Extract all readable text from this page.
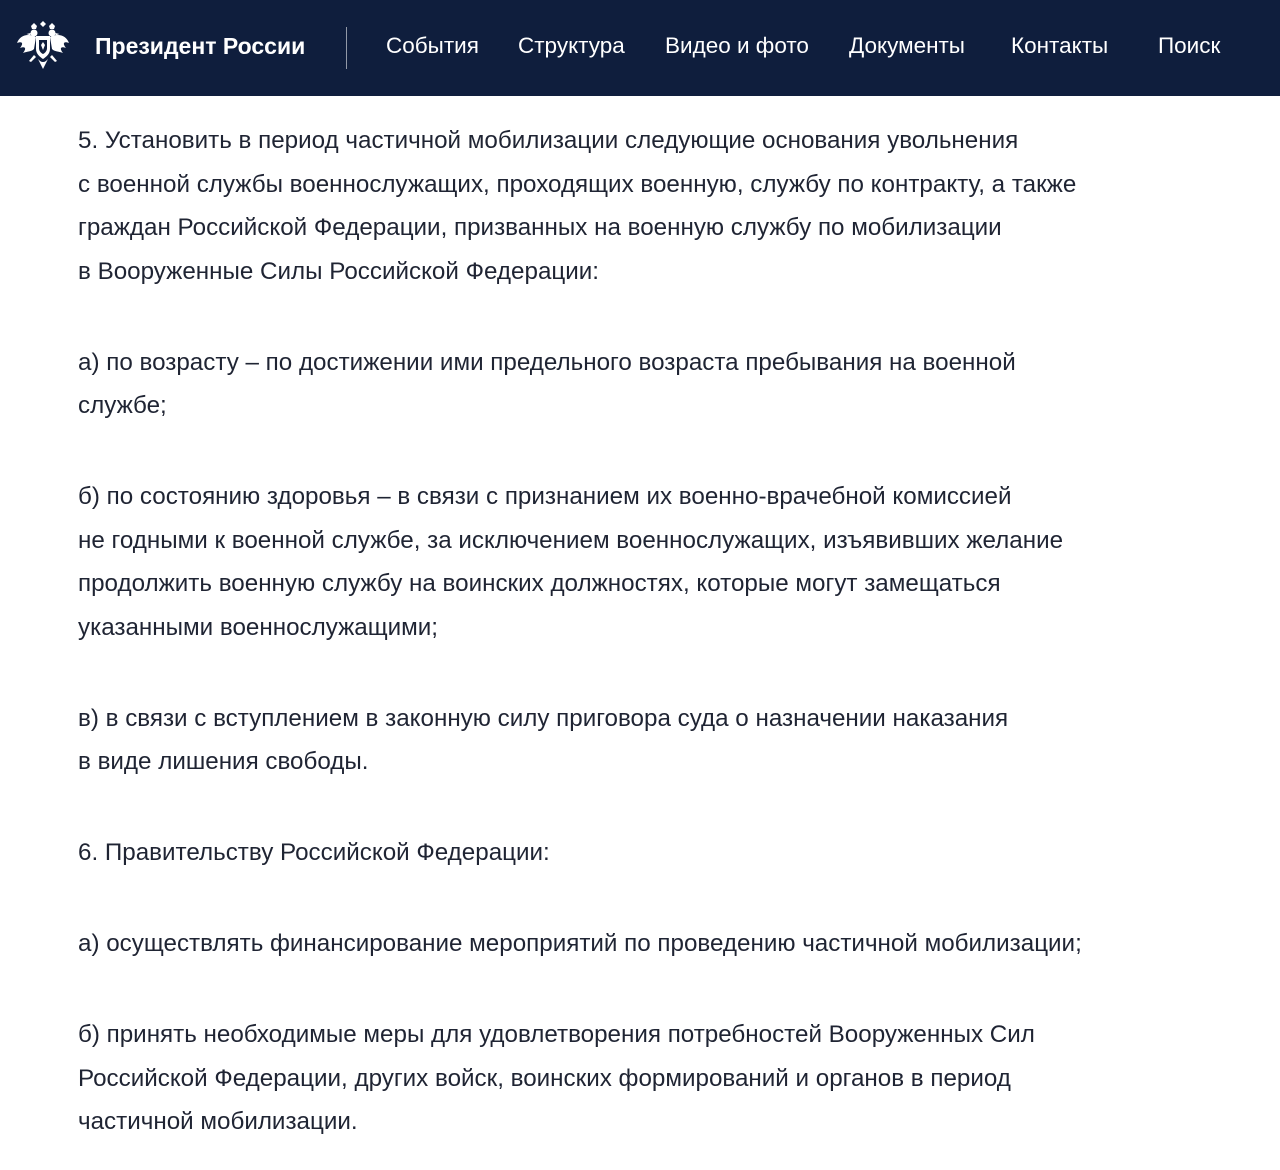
Президент России	События Структура Видео и фото Документы Контакты Поиск

5. Установить в период частичной мобилизации следующие основания увольнения
с военной службы военнослужащих, проходящих военную, службу по контракту, а также
граждан Российской Федерации, призванных на военную службу по мобилизации
в Вооруженные Силы Российской Федерации:

а) по возрасту – по достижении ими предельного возраста пребывания на военной
службе;

б) по состоянию здоровья – в связи с признанием их военно-врачебной комиссией
не годными к военной службе, за исключением военнослужащих, изъявивших желание
продолжить военную службу на воинских должностях, которые могут замещаться
указанными военнослужащими;

в) в связи с вступлением в законную силу приговора суда о назначении наказания
в виде лишения свободы.

6. Правительству Российской Федерации:

а) осуществлять финансирование мероприятий по проведению частичной мобилизации;

б) принять необходимые меры для удовлетворения потребностей Вооруженных Сил
Российской Федерации, других войск, воинских формирований и органов в период
частичной мобилизации.
